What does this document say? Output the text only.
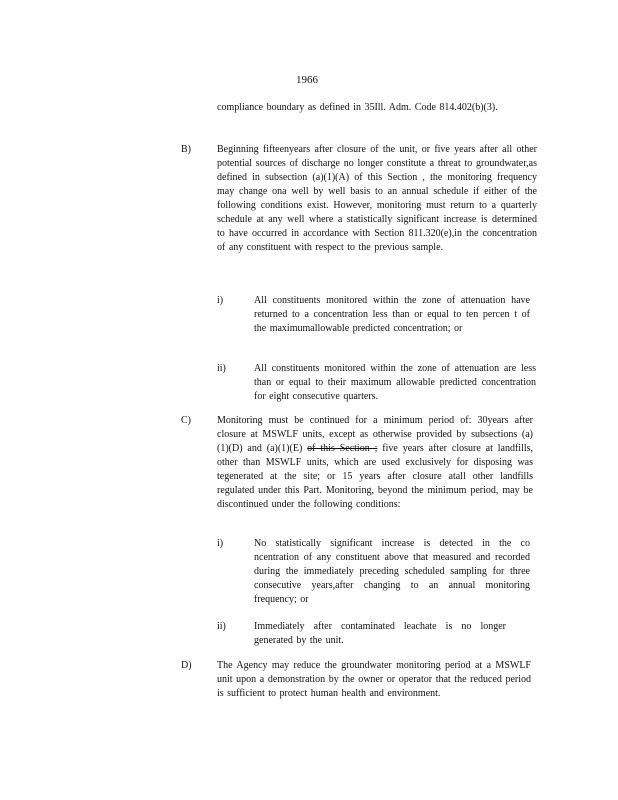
1966
compliance boundary as defined in 35Ill. Adm. Code 814.402(b)(3).
B)	Beginning fifteenyears after closure of the unit, or five years after all other potential sources of discharge no longer constitute a threat to groundwater,as defined in subsection (a)(1)(A) of this Section , the monitoring frequency may change ona well by well basis to an annual schedule if either of the following conditions exist. However, monitoring must return to a quarterly schedule at any well where a statistically significant increase is determined to have occurred in accordance with Section 811.320(e),in the concentration of any constituent with respect to the previous sample.
i)	All constituents monitored within the zone of attenuation have returned to a concentration less than or equal to ten percen t of the maximumallowable predicted concentration; or
ii)	All constituents monitored within the zone of attenuation are less than or equal to their maximum allowable predicted concentration for eight consecutive quarters.
C)	Monitoring must be continued for a minimum period of: 30years after closure at MSWLF units, except as otherwise provided by subsections (a)(1)(D) and (a)(1)(E) of this Section ; five years after closure at landfills, other than MSWLF units, which are used exclusively for disposing was tegenerated at the site; or 15 years after closure atall other landfills regulated under this Part. Monitoring, beyond the minimum period, may be discontinued under the following conditions:
i)	No statistically significant increase is detected in the co ncentration of any constituent above that measured and recorded during the immediately preceding scheduled sampling for three consecutive years,after changing to an annual monitoring frequency; or
ii)	Immediately after contaminated leachate is no longer generated by the unit.
D)	The Agency may reduce the groundwater monitoring period at a MSWLF unit upon a demonstration by the owner or operator that the reduced period is sufficient to protect human health and environment.
